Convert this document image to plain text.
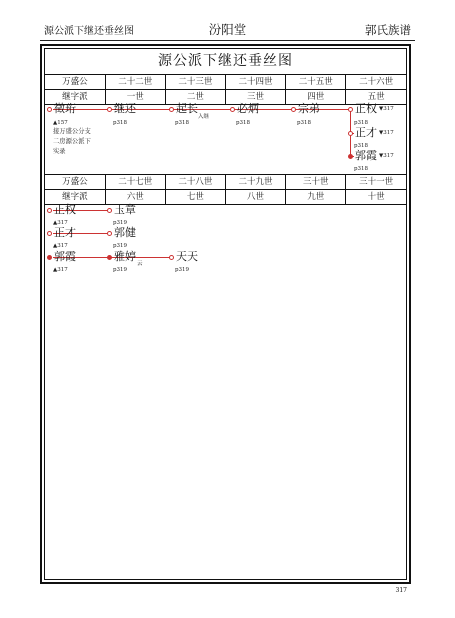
源公派下继还垂丝图	汾阳堂	郭氏族谱
源公派下继还垂丝图
万盛公	二十二世	二十三世	二十四世	二十五世	二十六世
继字派	一世	二世	三世	四世	五世
徵珩
▲157
接万盛公分支
二房源公派下
实录
继还
p318
起长
入继
p318
必炳
p318
宗弟
p318
正权 ▼317
p318
正才 ▼317
p318
郭霞 ▼317
p318
万盛公	二十七世	二十八世	二十九世	三十世	三十一世
继字派	六世	七世	八世	九世	十世
正权
▲317
玉章
p319
正才
▲317
郭健
p319
郭霞
▲317
雅婷
云
p319
天天
p319
317
